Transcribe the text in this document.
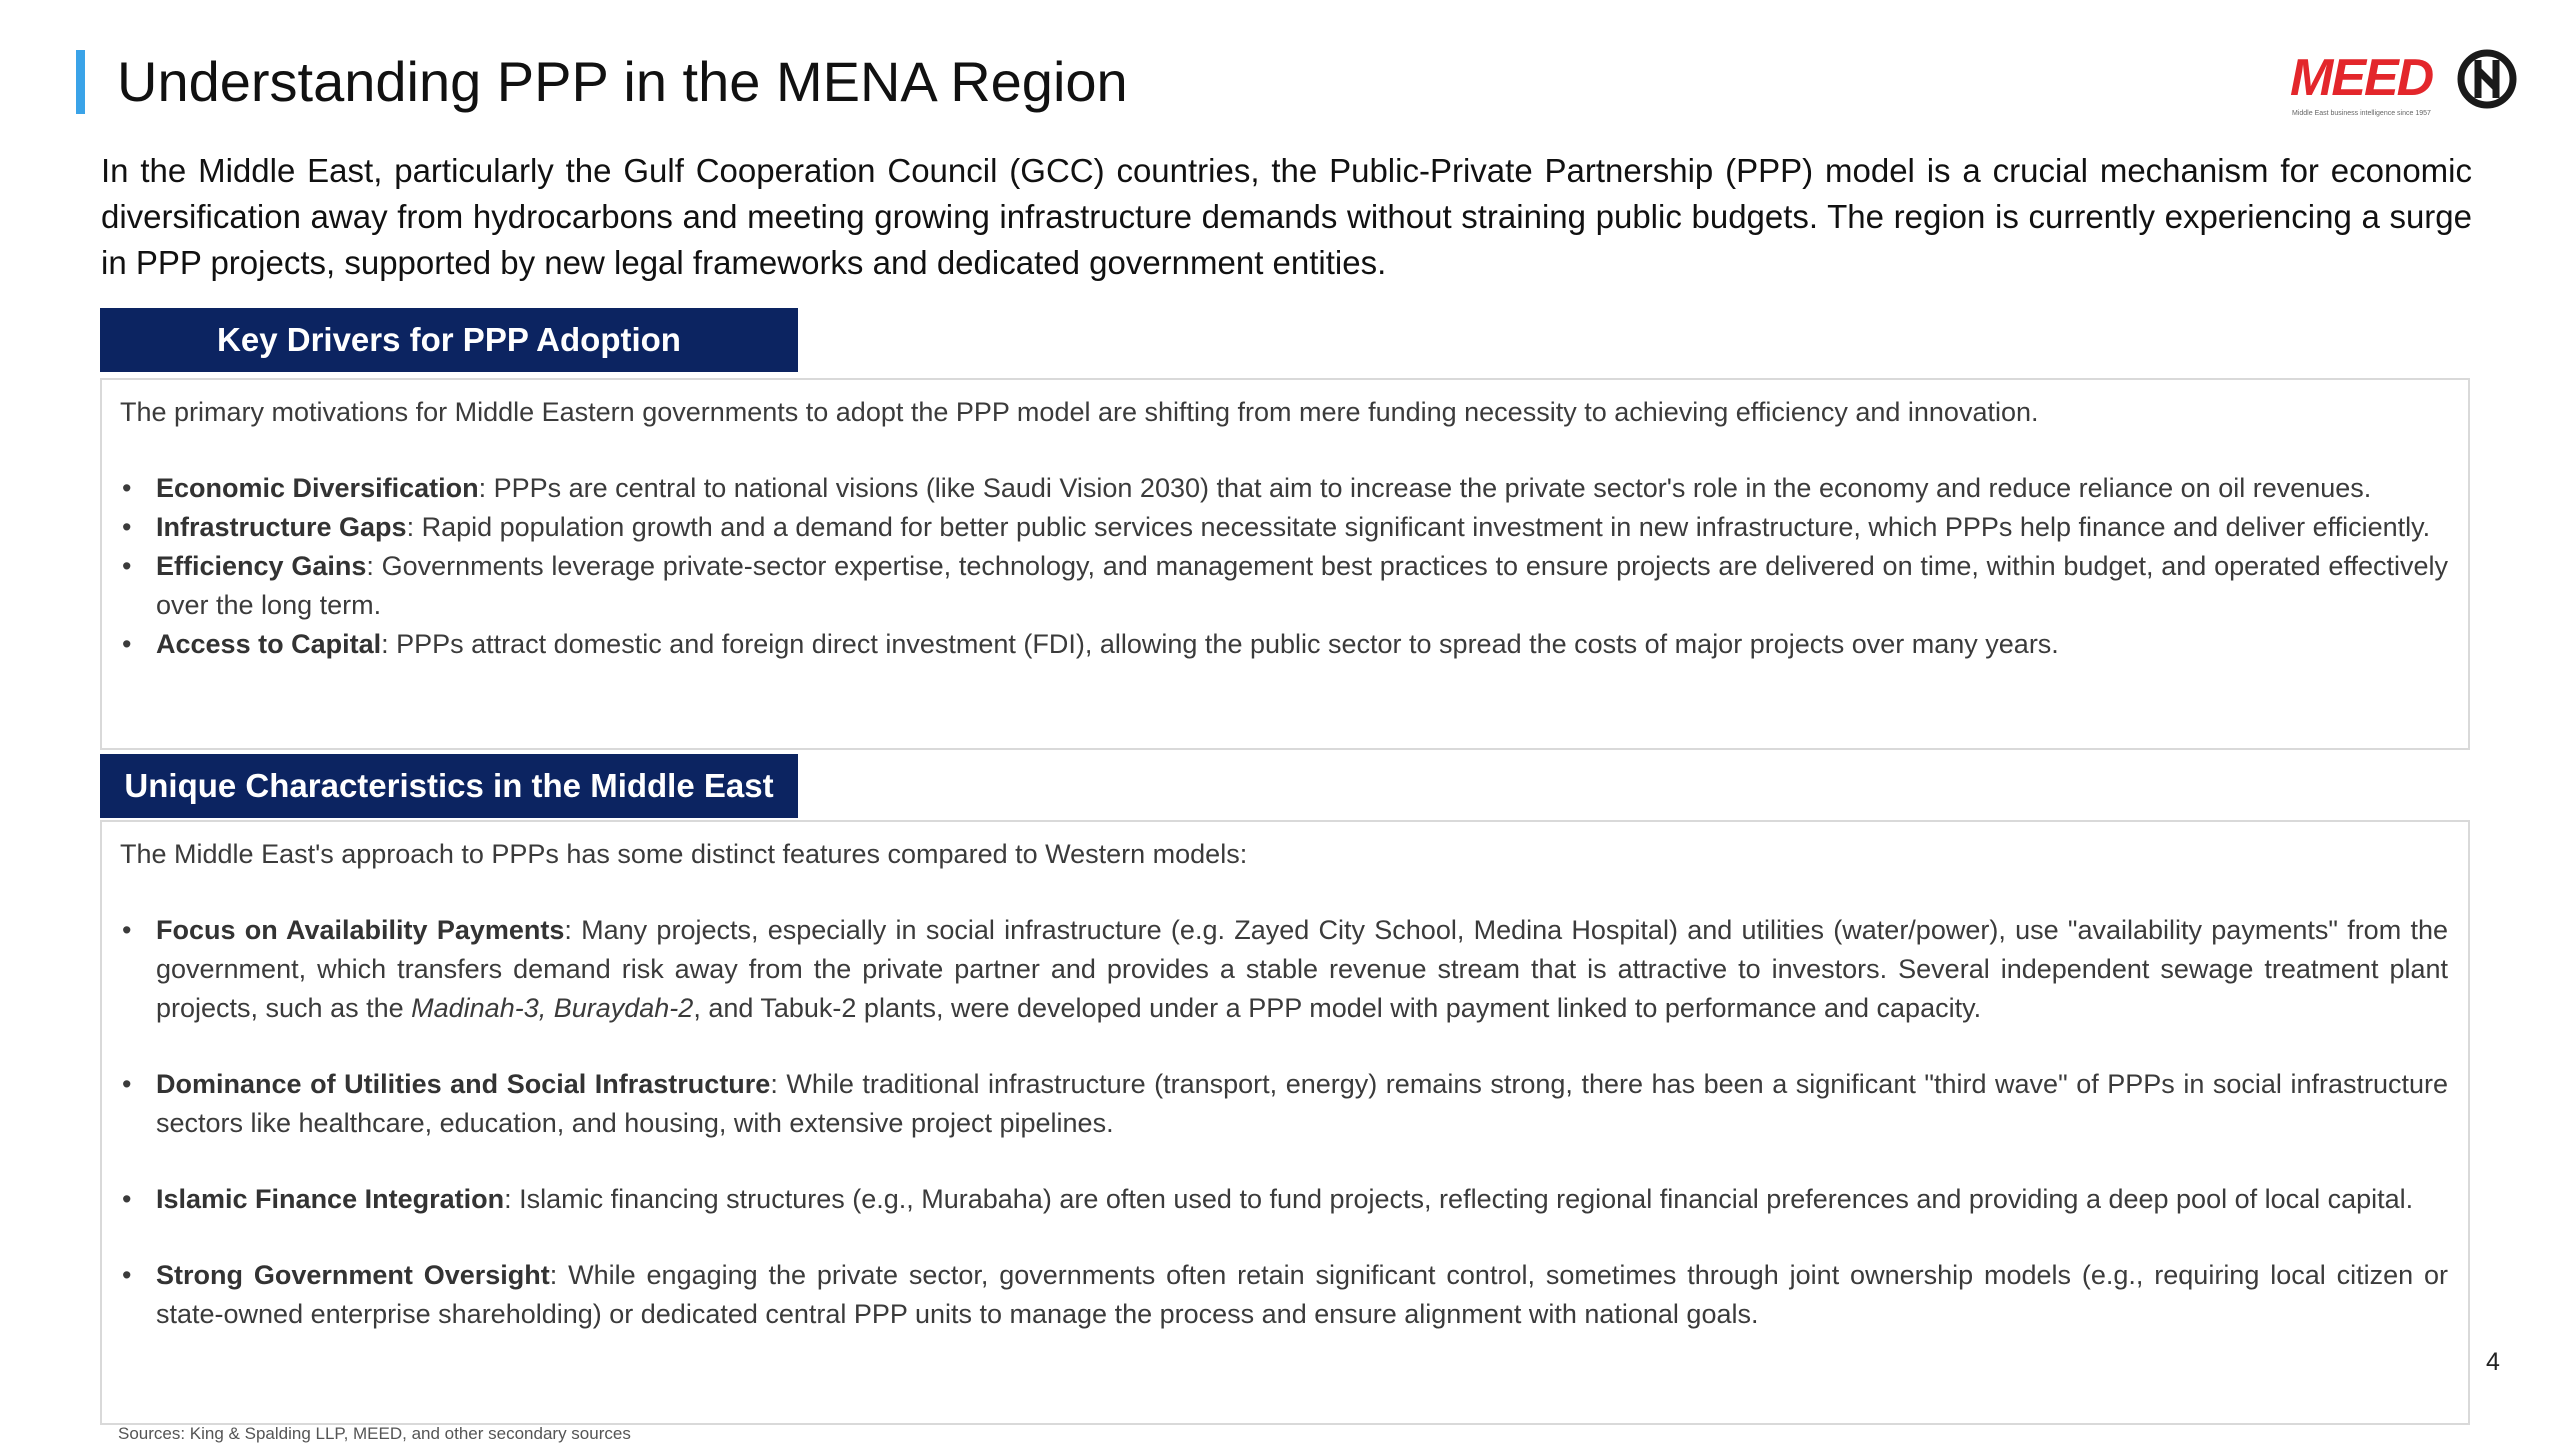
Understanding PPP in the MENA Region	MEED
Middle East business intelligence since 1957

In the Middle East, particularly the Gulf Cooperation Council (GCC) countries, the Public-Private Partnership (PPP) model is a crucial mechanism for economic diversification away from hydrocarbons and meeting growing infrastructure demands without straining public budgets. The region is currently experiencing a surge in PPP projects, supported by new legal frameworks and dedicated government entities.

Key Drivers for PPP Adoption

The primary motivations for Middle Eastern governments to adopt the PPP model are shifting from mere funding necessity to achieving efficiency and innovation.

• Economic Diversification: PPPs are central to national visions (like Saudi Vision 2030) that aim to increase the private sector's role in the economy and reduce reliance on oil revenues.
• Infrastructure Gaps: Rapid population growth and a demand for better public services necessitate significant investment in new infrastructure, which PPPs help finance and deliver efficiently.
• Efficiency Gains: Governments leverage private-sector expertise, technology, and management best practices to ensure projects are delivered on time, within budget, and operated effectively over the long term.
• Access to Capital: PPPs attract domestic and foreign direct investment (FDI), allowing the public sector to spread the costs of major projects over many years.
Unique Characteristics in the Middle East

The Middle East's approach to PPPs has some distinct features compared to Western models:

• Focus on Availability Payments: Many projects, especially in social infrastructure (e.g. Zayed City School, Medina Hospital) and utilities (water/power), use "availability payments" from the government, which transfers demand risk away from the private partner and provides a stable revenue stream that is attractive to investors. Several independent sewage treatment plant projects, such as the Madinah-3, Buraydah-2, and Tabuk-2 plants, were developed under a PPP model with payment linked to performance and capacity.
• Dominance of Utilities and Social Infrastructure: While traditional infrastructure (transport, energy) remains strong, there has been a significant "third wave" of PPPs in social infrastructure sectors like healthcare, education, and housing, with extensive project pipelines.
• Islamic Finance Integration: Islamic financing structures (e.g., Murabaha) are often used to fund projects, reflecting regional financial preferences and providing a deep pool of local capital.
• Strong Government Oversight: While engaging the private sector, governments often retain significant control, sometimes through joint ownership models (e.g., requiring local citizen or state-owned enterprise shareholding) or dedicated central PPP units to manage the process and ensure alignment with national goals.
4
Sources: King & Spalding LLP, MEED, and other secondary sources
